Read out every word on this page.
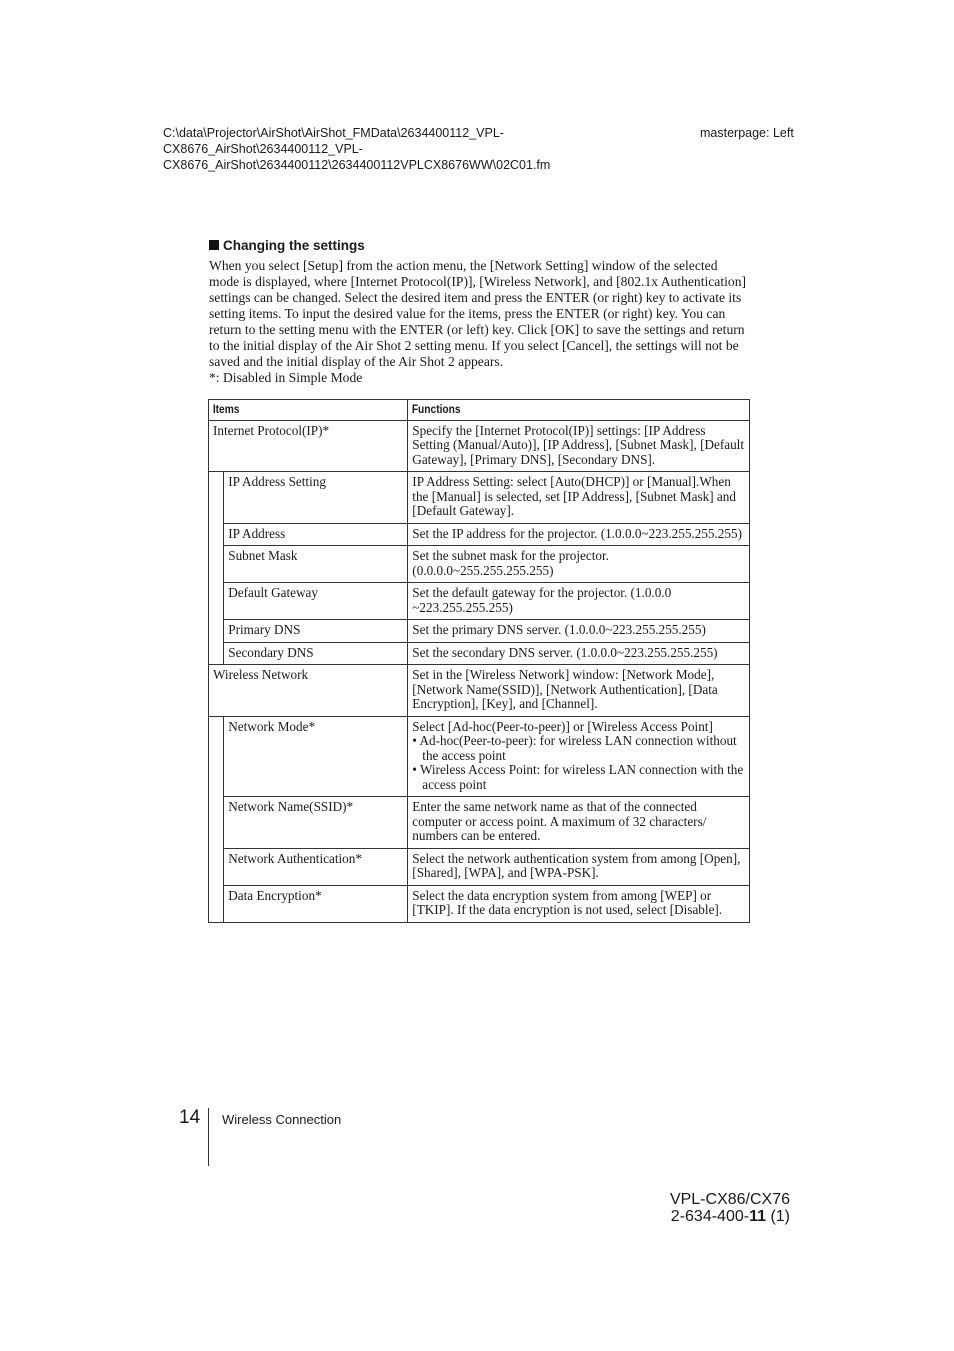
C:\data\Projector\AirShot\AirShot_FMData\2634400112_VPL-
CX8676_AirShot\2634400112_VPL-
CX8676_AirShot\2634400112\2634400112VPLCX8676WW\02C01.fm
masterpage: Left
Changing the settings
When you select [Setup] from the action menu, the [Network Setting] window of the selected mode is displayed, where [Internet Protocol(IP)], [Wireless Network], and [802.1x Authentication] settings can be changed. Select the desired item and press the ENTER (or right) key to activate its setting items. To input the desired value for the items, press the ENTER (or right) key. You can return to the setting menu with the ENTER (or left) key. Click [OK] to save the settings and return to the initial display of the Air Shot 2 setting menu. If you select [Cancel], the settings will not be saved and the initial display of the Air Shot 2 appears.
*: Disabled in Simple Mode
Items		Functions
Internet Protocol(IP)*		Specify the [Internet Protocol(IP)] settings: [IP Address Setting (Manual/Auto)], [IP Address], [Subnet Mask], [Default Gateway], [Primary DNS], [Secondary DNS].
	IP Address Setting	IP Address Setting: select [Auto(DHCP)] or [Manual].When the [Manual] is selected, set [IP Address], [Subnet Mask] and [Default Gateway].
	IP Address	Set the IP address for the projector. (1.0.0.0~223.255.255.255)
	Subnet Mask	Set the subnet mask for the projector. (0.0.0.0~255.255.255.255)
	Default Gateway	Set the default gateway for the projector. (1.0.0.0 ~223.255.255.255)
	Primary DNS	Set the primary DNS server. (1.0.0.0~223.255.255.255)
	Secondary DNS	Set the secondary DNS server. (1.0.0.0~223.255.255.255)
Wireless Network		Set in the [Wireless Network] window: [Network Mode], [Network Name(SSID)], [Network Authentication], [Data Encryption], [Key], and [Channel].
	Network Mode*	Select [Ad-hoc(Peer-to-peer)] or [Wireless Access Point]
• Ad-hoc(Peer-to-peer): for wireless LAN connection without the access point
• Wireless Access Point: for wireless LAN connection with the access point

	Network Name(SSID)*	Enter the same network name as that of the connected computer or access point. A maximum of 32 characters/ numbers can be entered.
	Network Authentication*	Select the network authentication system from among [Open], [Shared], [WPA], and [WPA-PSK].
	Data Encryption*	Select the data encryption system from among [WEP] or [TKIP]. If the data encryption is not used, select [Disable].
14 Wireless Connection
VPL-CX86/CX76
2-634-400-11 (1)
